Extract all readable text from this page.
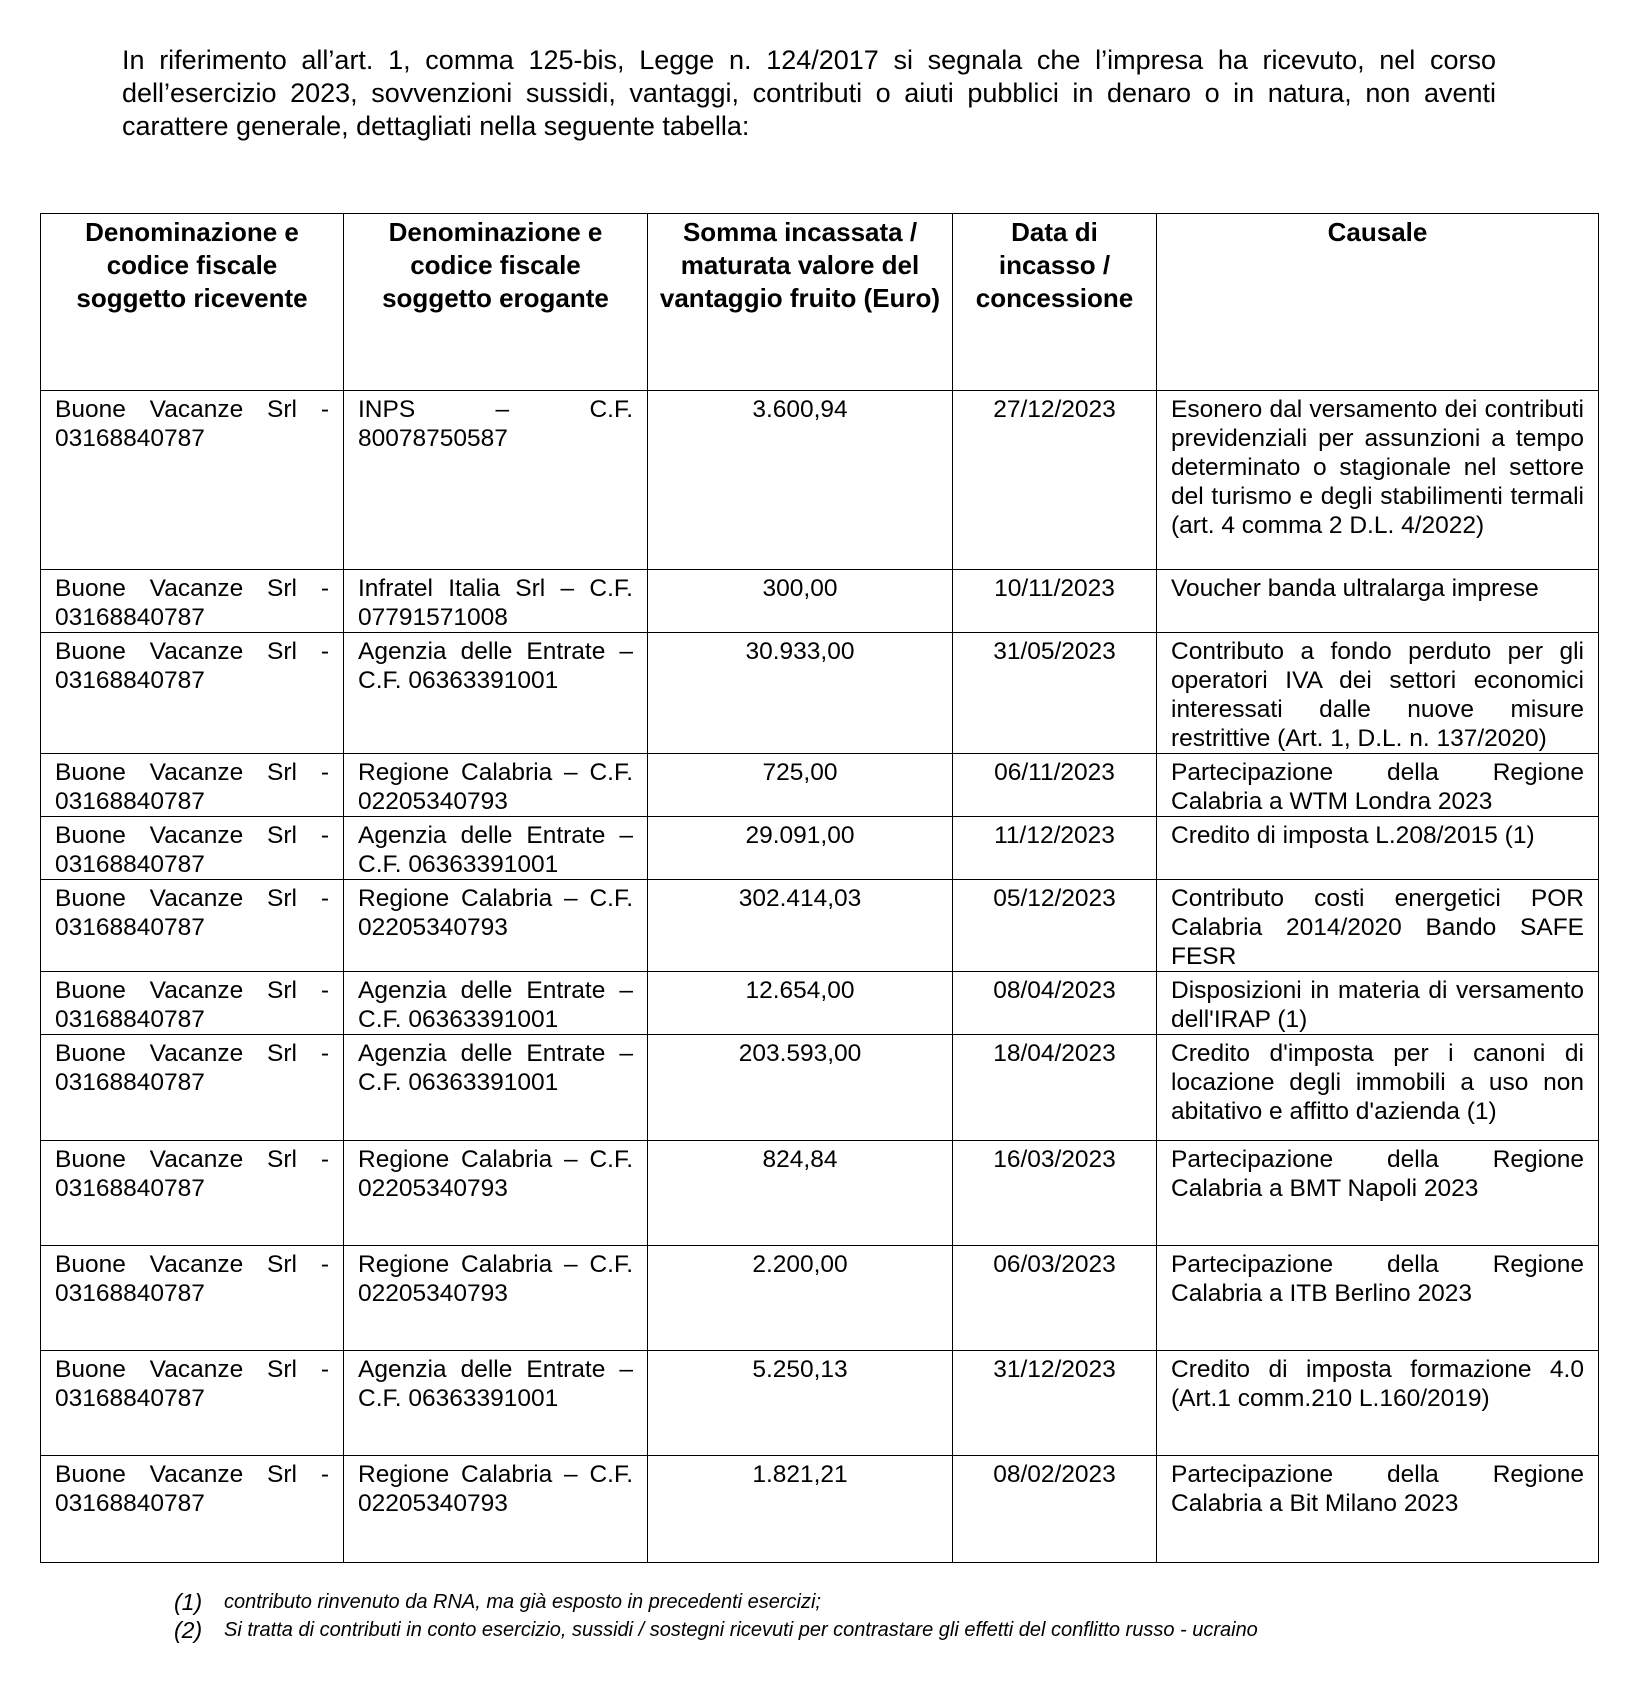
In riferimento all’art. 1, comma 125-bis, Legge n. 124/2017 si segnala che l’impresa ha ricevuto, nel corso dell’esercizio 2023, sovvenzioni sussidi, vantaggi, contributi o aiuti pubblici in denaro o in natura, non aventi carattere generale, dettagliati nella seguente tabella:

Denominazione e codice fiscale soggetto ricevente	Denominazione e codice fiscale soggetto erogante	Somma incassata / maturata valore del vantaggio fruito (Euro)	Data di incasso / concessione	Causale
Buone Vacanze Srl - 03168840787	INPS – C.F. 80078750587	3.600,94	27/12/2023	Esonero dal versamento dei contributi previdenziali per assunzioni a tempo determinato o stagionale nel settore del turismo e degli stabilimenti termali (art. 4 comma 2 D.L. 4/2022)
Buone Vacanze Srl - 03168840787	Infratel Italia Srl – C.F. 07791571008	300,00	10/11/2023	Voucher banda ultralarga imprese
Buone Vacanze Srl - 03168840787	Agenzia delle Entrate – C.F. 06363391001	30.933,00	31/05/2023	Contributo a fondo perduto per gli operatori IVA dei settori economici interessati dalle nuove misure restrittive (Art. 1, D.L. n. 137/2020)
Buone Vacanze Srl - 03168840787	Regione Calabria – C.F. 02205340793	725,00	06/11/2023	Partecipazione della Regione Calabria a WTM Londra 2023
Buone Vacanze Srl - 03168840787	Agenzia delle Entrate – C.F. 06363391001	29.091,00	11/12/2023	Credito di imposta L.208/2015 (1)
Buone Vacanze Srl - 03168840787	Regione Calabria – C.F. 02205340793	302.414,03	05/12/2023	Contributo costi energetici POR Calabria 2014/2020 Bando SAFE FESR
Buone Vacanze Srl - 03168840787	Agenzia delle Entrate – C.F. 06363391001	12.654,00	08/04/2023	Disposizioni in materia di versamento dell'IRAP (1)
Buone Vacanze Srl - 03168840787	Agenzia delle Entrate – C.F. 06363391001	203.593,00	18/04/2023	Credito d'imposta per i canoni di locazione degli immobili a uso non abitativo e affitto d'azienda (1)
Buone Vacanze Srl - 03168840787	Regione Calabria – C.F. 02205340793	824,84	16/03/2023	Partecipazione della Regione Calabria a BMT Napoli 2023
Buone Vacanze Srl - 03168840787	Regione Calabria – C.F. 02205340793	2.200,00	06/03/2023	Partecipazione della Regione Calabria a ITB Berlino 2023
Buone Vacanze Srl - 03168840787	Agenzia delle Entrate – C.F. 06363391001	5.250,13	31/12/2023	Credito di imposta formazione 4.0 (Art.1 comm.210 L.160/2019)
Buone Vacanze Srl - 03168840787	Regione Calabria – C.F. 02205340793	1.821,21	08/02/2023	Partecipazione della Regione Calabria a Bit Milano 2023
(1)	contributo rinvenuto da RNA, ma già esposto in precedenti esercizi;
(2)	Si tratta di contributi in conto esercizio, sussidi / sostegni ricevuti per contrastare gli effetti del conflitto russo - ucraino
